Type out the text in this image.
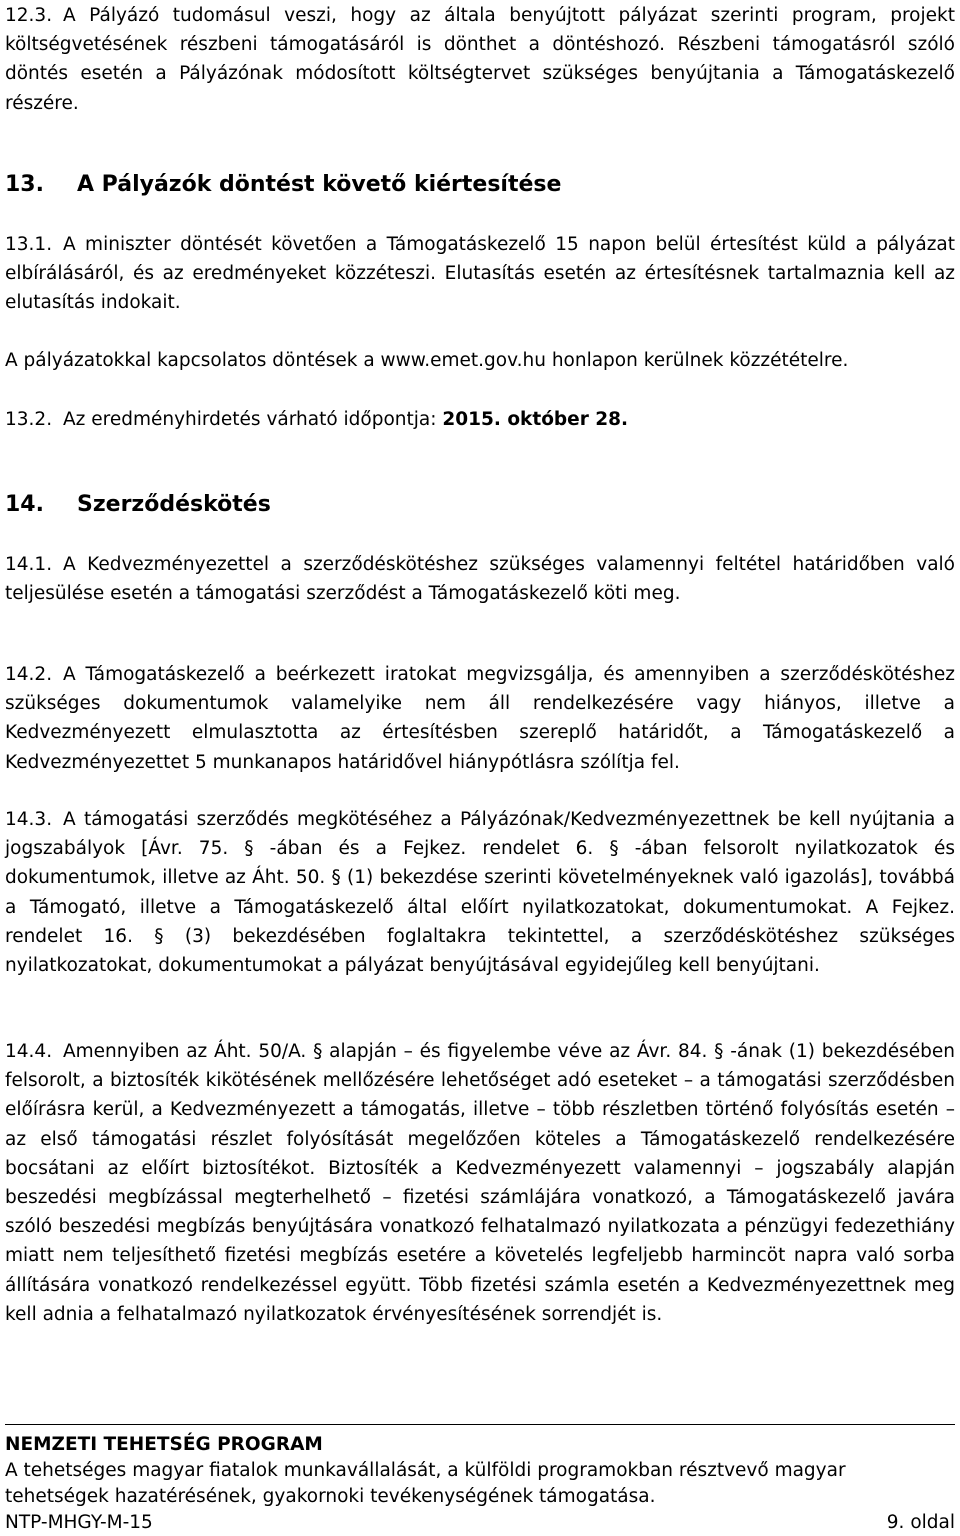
12.3. A Pályázó tudomásul veszi, hogy az általa benyújtott pályázat szerinti program, projekt költségvetésének részbeni támogatásáról is dönthet a döntéshozó. Részbeni támogatásról szóló döntés esetén a Pályázónak módosított költségtervet szükséges benyújtania a Támogatáskezelő részére.
13. A Pályázók döntést követő kiértesítése
13.1. A miniszter döntését követően a Támogatáskezelő 15 napon belül értesítést küld a pályázat elbírálásáról, és az eredményeket közzéteszi. Elutasítás esetén az értesítésnek tartalmaznia kell az elutasítás indokait.
A pályázatokkal kapcsolatos döntések a www.emet.gov.hu honlapon kerülnek közzétételre.
13.2. Az eredményhirdetés várható időpontja: 2015. október 28.
14. Szerződéskötés
14.1. A Kedvezményezettel a szerződéskötéshez szükséges valamennyi feltétel határidőben való teljesülése esetén a támogatási szerződést a Támogatáskezelő köti meg.
14.2. A Támogatáskezelő a beérkezett iratokat megvizsgálja, és amennyiben a szerződéskötéshez szükséges dokumentumok valamelyike nem áll rendelkezésére vagy hiányos, illetve a Kedvezményezett elmulasztotta az értesítésben szereplő határidőt, a Támogatáskezelő a Kedvezményezettet 5 munkanapos határidővel hiánypótlásra szólítja fel.
14.3. A támogatási szerződés megkötéséhez a Pályázónak/Kedvezményezettnek be kell nyújtania a jogszabályok [Ávr. 75. § -ában és a Fejkez. rendelet 6. § -ában felsorolt nyilatkozatok és dokumentumok, illetve az Áht. 50. § (1) bekezdése szerinti követelményeknek való igazolás], továbbá a Támogató, illetve a Támogatáskezelő által előírt nyilatkozatokat, dokumentumokat. A Fejkez. rendelet 16. § (3) bekezdésében foglaltakra tekintettel, a szerződéskötéshez szükséges nyilatkozatokat, dokumentumokat a pályázat benyújtásával egyidejűleg kell benyújtani.
14.4. Amennyiben az Áht. 50/A. § alapján – és figyelembe véve az Ávr. 84. § -ának (1) bekezdésében felsorolt, a biztosíték kikötésének mellőzésére lehetőséget adó eseteket – a támogatási szerződésben előírásra kerül, a Kedvezményezett a támogatás, illetve – több részletben történő folyósítás esetén – az első támogatási részlet folyósítását megelőzően köteles a Támogatáskezelő rendelkezésére bocsátani az előírt biztosítékot. Biztosíték a Kedvezményezett valamennyi – jogszabály alapján beszedési megbízással megterhelhető – fizetési számlájára vonatkozó, a Támogatáskezelő javára szóló beszedési megbízás benyújtására vonatkozó felhatalmazó nyilatkozata a pénzügyi fedezethiány miatt nem teljesíthető fizetési megbízás esetére a követelés legfeljebb harmincöt napra való sorba állítására vonatkozó rendelkezéssel együtt. Több fizetési számla esetén a Kedvezményezettnek meg kell adnia a felhatalmazó nyilatkozatok érvényesítésének sorrendjét is.
NEMZETI TEHETSÉG PROGRAM
A tehetséges magyar fiatalok munkavállalását, a külföldi programokban résztvevő magyar tehetségek hazatérésének, gyakornoki tevékenységének támogatása.
NTP-MHGY-M-15	9. oldal
